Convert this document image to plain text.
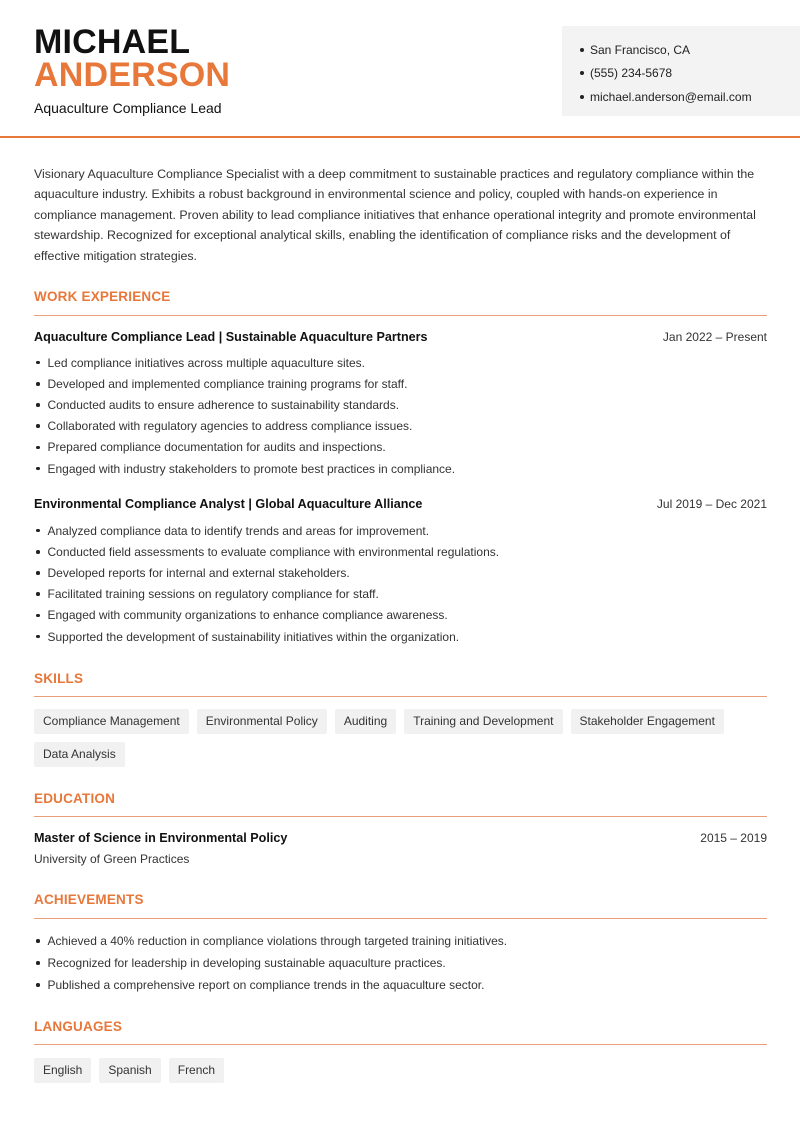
MICHAEL
ANDERSON
Aquaculture Compliance Lead
San Francisco, CA
(555) 234-5678
michael.anderson@email.com

Visionary Aquaculture Compliance Specialist with a deep commitment to sustainable practices and regulatory compliance within the aquaculture industry. Exhibits a robust background in environmental science and policy, coupled with hands-on experience in compliance management. Proven ability to lead compliance initiatives that enhance operational integrity and promote environmental stewardship. Recognized for exceptional analytical skills, enabling the identification of compliance risks and the development of effective mitigation strategies.

WORK EXPERIENCE
Aquaculture Compliance Lead | Sustainable Aquaculture Partners	Jan 2022 – Present
Led compliance initiatives across multiple aquaculture sites.
Developed and implemented compliance training programs for staff.
Conducted audits to ensure adherence to sustainability standards.
Collaborated with regulatory agencies to address compliance issues.
Prepared compliance documentation for audits and inspections.
Engaged with industry stakeholders to promote best practices in compliance.
Environmental Compliance Analyst | Global Aquaculture Alliance	Jul 2019 – Dec 2021
Analyzed compliance data to identify trends and areas for improvement.
Conducted field assessments to evaluate compliance with environmental regulations.
Developed reports for internal and external stakeholders.
Facilitated training sessions on regulatory compliance for staff.
Engaged with community organizations to enhance compliance awareness.
Supported the development of sustainability initiatives within the organization.
SKILLS
Compliance Management	Environmental Policy	Auditing	Training and Development	Stakeholder Engagement
Data Analysis
EDUCATION
Master of Science in Environmental Policy	2015 – 2019
University of Green Practices
ACHIEVEMENTS
Achieved a 40% reduction in compliance violations through targeted training initiatives.
Recognized for leadership in developing sustainable aquaculture practices.
Published a comprehensive report on compliance trends in the aquaculture sector.
LANGUAGES
English	Spanish	French
